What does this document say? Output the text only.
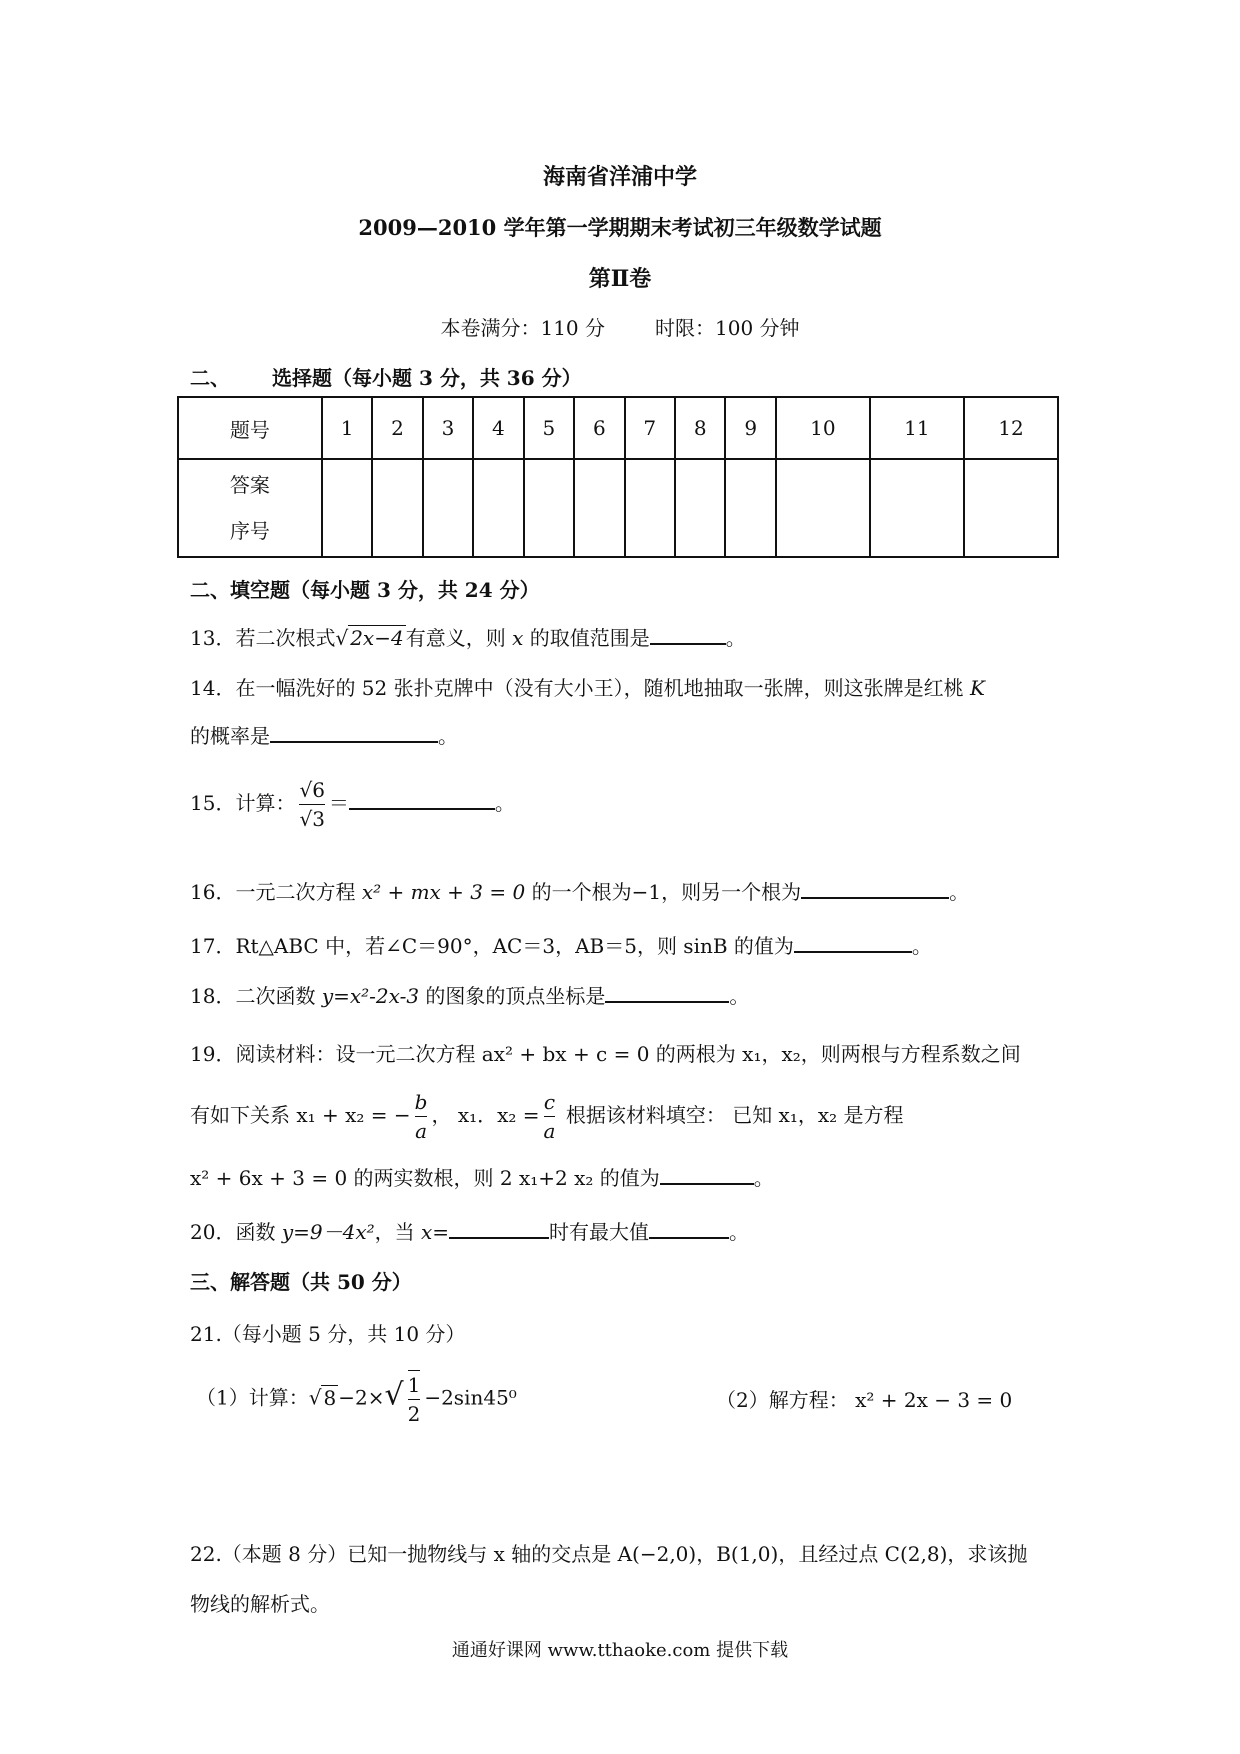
海南省洋浦中学
2009—2010 学年第一学期期末考试初三年级数学试题
第Ⅱ卷
本卷满分：110 分	时限：100 分钟
二、 选择题（每小题 3 分，共 36 分）
题号	1	2	3	4	5	6	7	8	9	10	11	12
答案
序号												
二、填空题（每小题 3 分，共 24 分）
13．若二次根式√ 2x−4 有意义，则 x 的取值范围是	。
14．在一幅洗好的 52 张扑克牌中（没有大小王），随机地抽取一张牌，则这张牌是红桃 K
的概率是	。
15．计算： $\frac{√6}{√3}$ ＝	。
16．一元二次方程 x² + mx + 3 = 0 的一个根为−1，则另一个根为	。
17．Rt△ABC 中，若∠C＝90°，AC＝3，AB＝5，则 sinB 的值为	。
18．二次函数 y=x²-2x-3 的图象的顶点坐标是	。
19．阅读材料：设一元二次方程 ax² + bx + c = 0 的两根为 x₁，x₂，则两根与方程系数之间
有如下关系 x₁ + x₂ = − $\frac{b}{a}$ ， x₁．$x_2 = \frac{c}{a}$ 根据该材料填空： 已知 x₁，x₂ 是方程
x² + 6x + 3 = 0 的两实数根，则 2 x₁+2 x₂ 的值为	。
20．函数 y=9－4x²，当 x=	时有最大值	。
三、解答题（共 50 分）
21.（每小题 5 分，共 10 分）
（1）计算：√ $8 -2\times√ \frac{1}{2} -2\sin 45^0$	（2）解方程： x² + 2x − 3 = 0
22.（本题 8 分）已知一抛物线与 x 轴的交点是 A(−2,0)，B(1,0)，且经过点 C(2,8)，求该抛
物线的解析式。
通通好课网 www.tthaoke.com 提供下载
